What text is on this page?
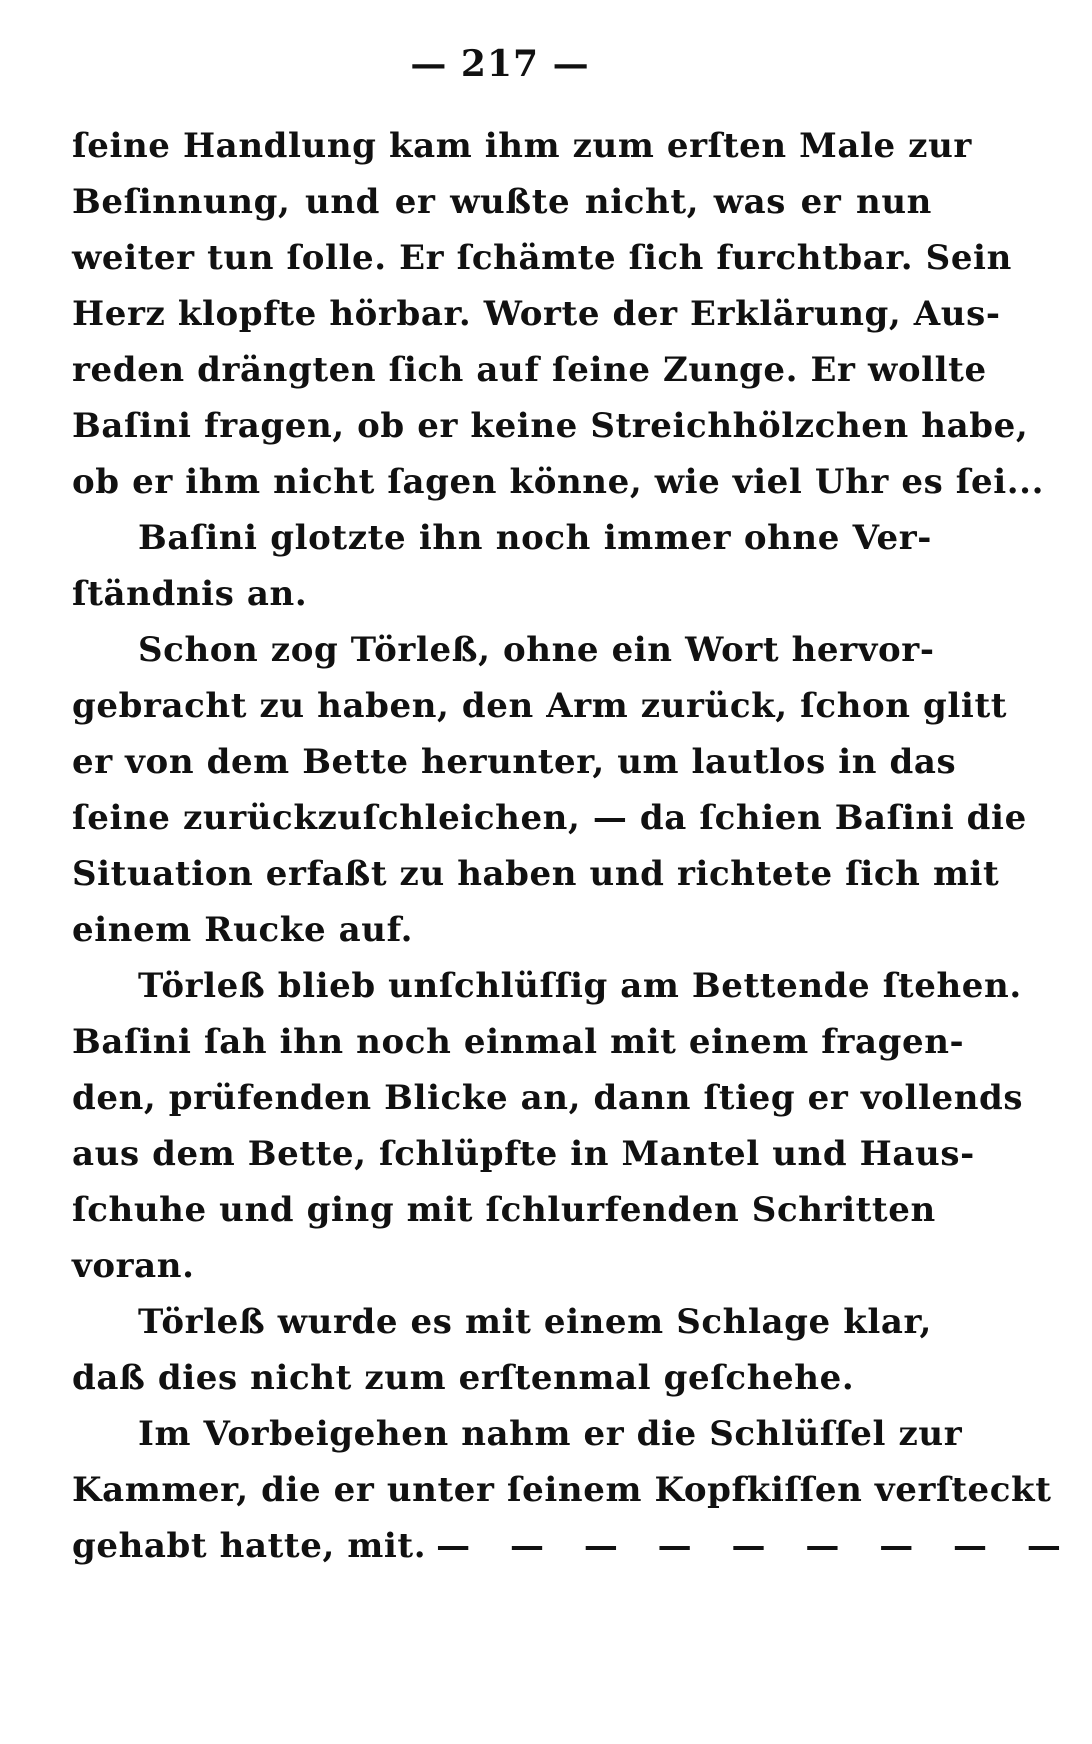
— 217 —
ſeine Handlung kam ihm zum erſten Male zur
Beſinnung, und er wußte nicht, was er nun
weiter tun ſolle. Er ſchämte ſich furchtbar. Sein
Herz klopfte hörbar. Worte der Erklärung, Aus-
reden drängten ſich auf ſeine Zunge. Er wollte
Baſini fragen, ob er keine Streichhölzchen habe,
ob er ihm nicht ſagen könne, wie viel Uhr es ſei...
Baſini glotzte ihn noch immer ohne Ver-
ſtändnis an.
Schon zog Törleß, ohne ein Wort hervor-
gebracht zu haben, den Arm zurück, ſchon glitt
er von dem Bette herunter, um lautlos in das
ſeine zurückzuſchleichen, — da ſchien Baſini die
Situation erfaßt zu haben und richtete ſich mit
einem Rucke auf.
Törleß blieb unſchlüſſig am Bettende ſtehen.
Baſini ſah ihn noch einmal mit einem fragen-
den, prüfenden Blicke an, dann ſtieg er vollends
aus dem Bette, ſchlüpfte in Mantel und Haus-
ſchuhe und ging mit ſchlurfenden Schritten
voran.
Törleß wurde es mit einem Schlage klar,
daß dies nicht zum erſtenmal geſchehe.
Im Vorbeigehen nahm er die Schlüſſel zur
Kammer, die er unter ſeinem Kopfkiſſen verſteckt
gehabt hatte, mit. — — — — — — — — —
